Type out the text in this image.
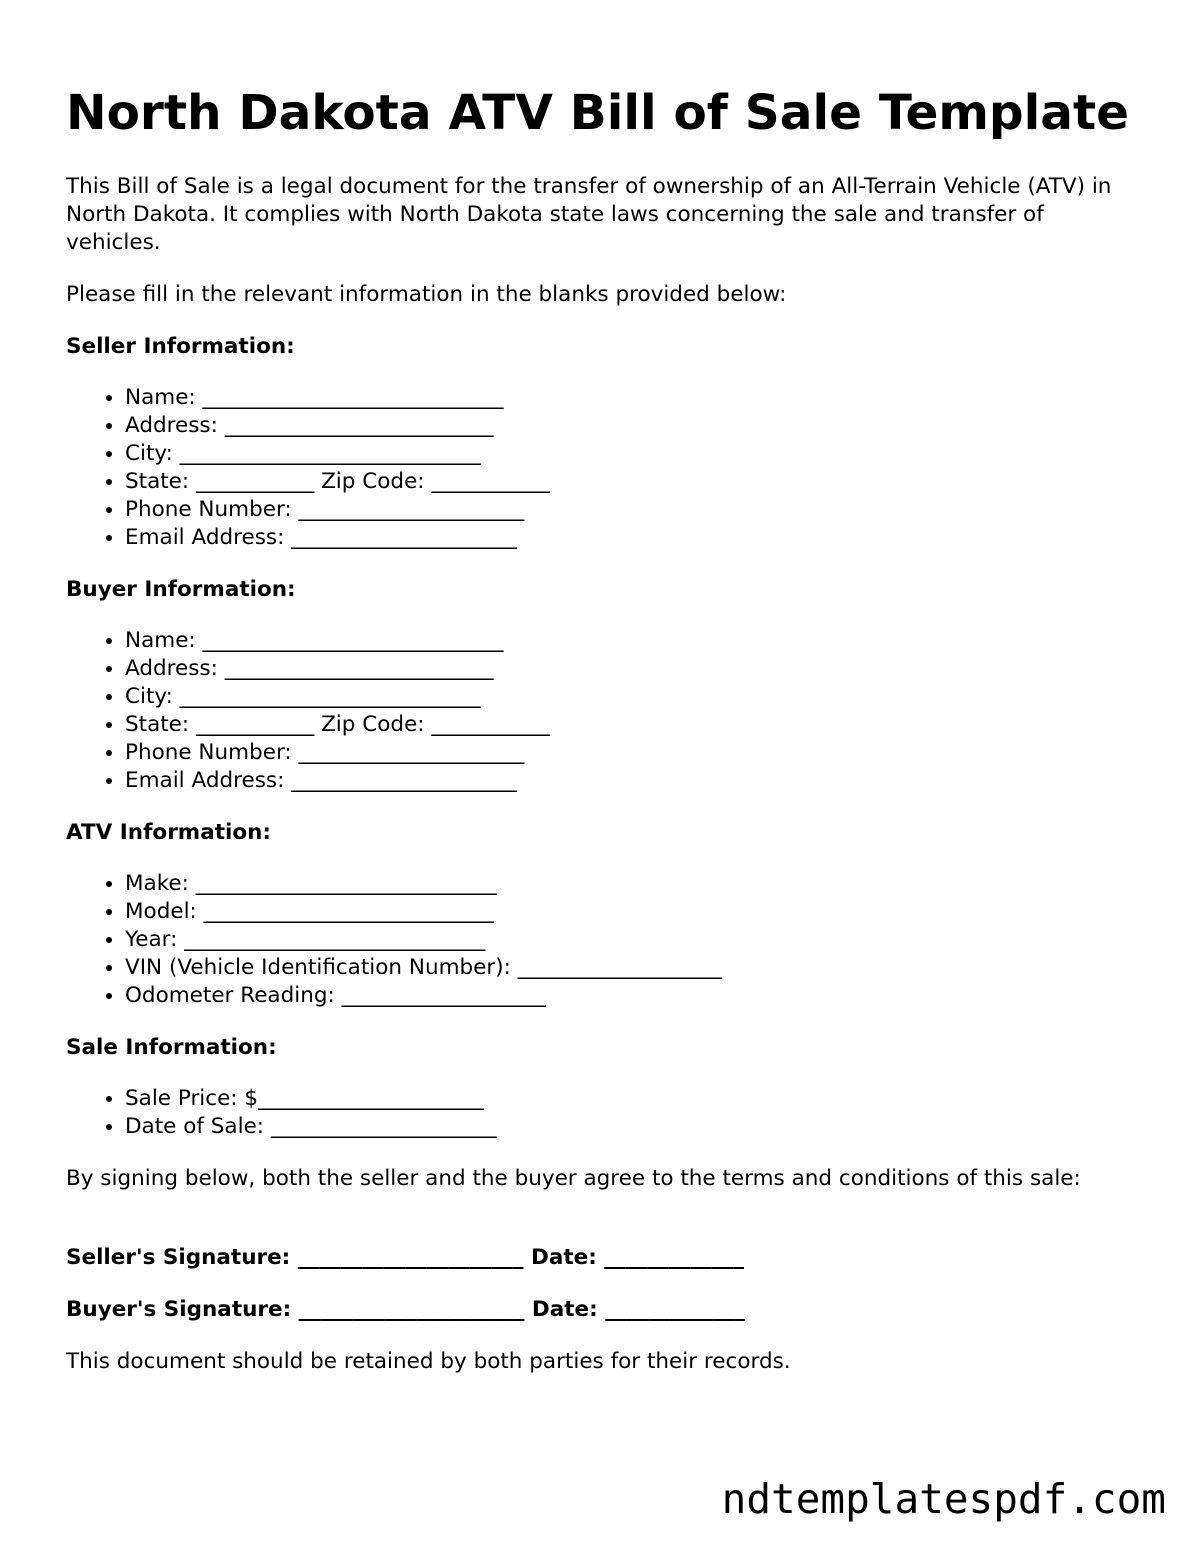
North Dakota ATV Bill of Sale Template

This Bill of Sale is a legal document for the transfer of ownership of an All-Terrain Vehicle (ATV) in North Dakota. It complies with North Dakota state laws concerning the sale and transfer of vehicles.

Please fill in the relevant information in the blanks provided below:

Seller Information:
• Name: ____________________________
• Address: _________________________
• City: ____________________________
• State: ___________ Zip Code: ___________
• Phone Number: _____________________
• Email Address: _____________________
Buyer Information:
• Name: ____________________________
• Address: _________________________
• City: ____________________________
• State: ___________ Zip Code: ___________
• Phone Number: _____________________
• Email Address: _____________________
ATV Information:
• Make: ____________________________
• Model: ___________________________
• Year: ____________________________
• VIN (Vehicle Identification Number): ___________________
• Odometer Reading: ___________________
Sale Information:
• Sale Price: $_____________________
• Date of Sale: _____________________

By signing below, both the seller and the buyer agree to the terms and conditions of this sale:

Seller's Signature: _____________________ Date: _____________
Buyer's Signature: _____________________ Date: _____________

This document should be retained by both parties for their records.

ndtemplatespdf.com
